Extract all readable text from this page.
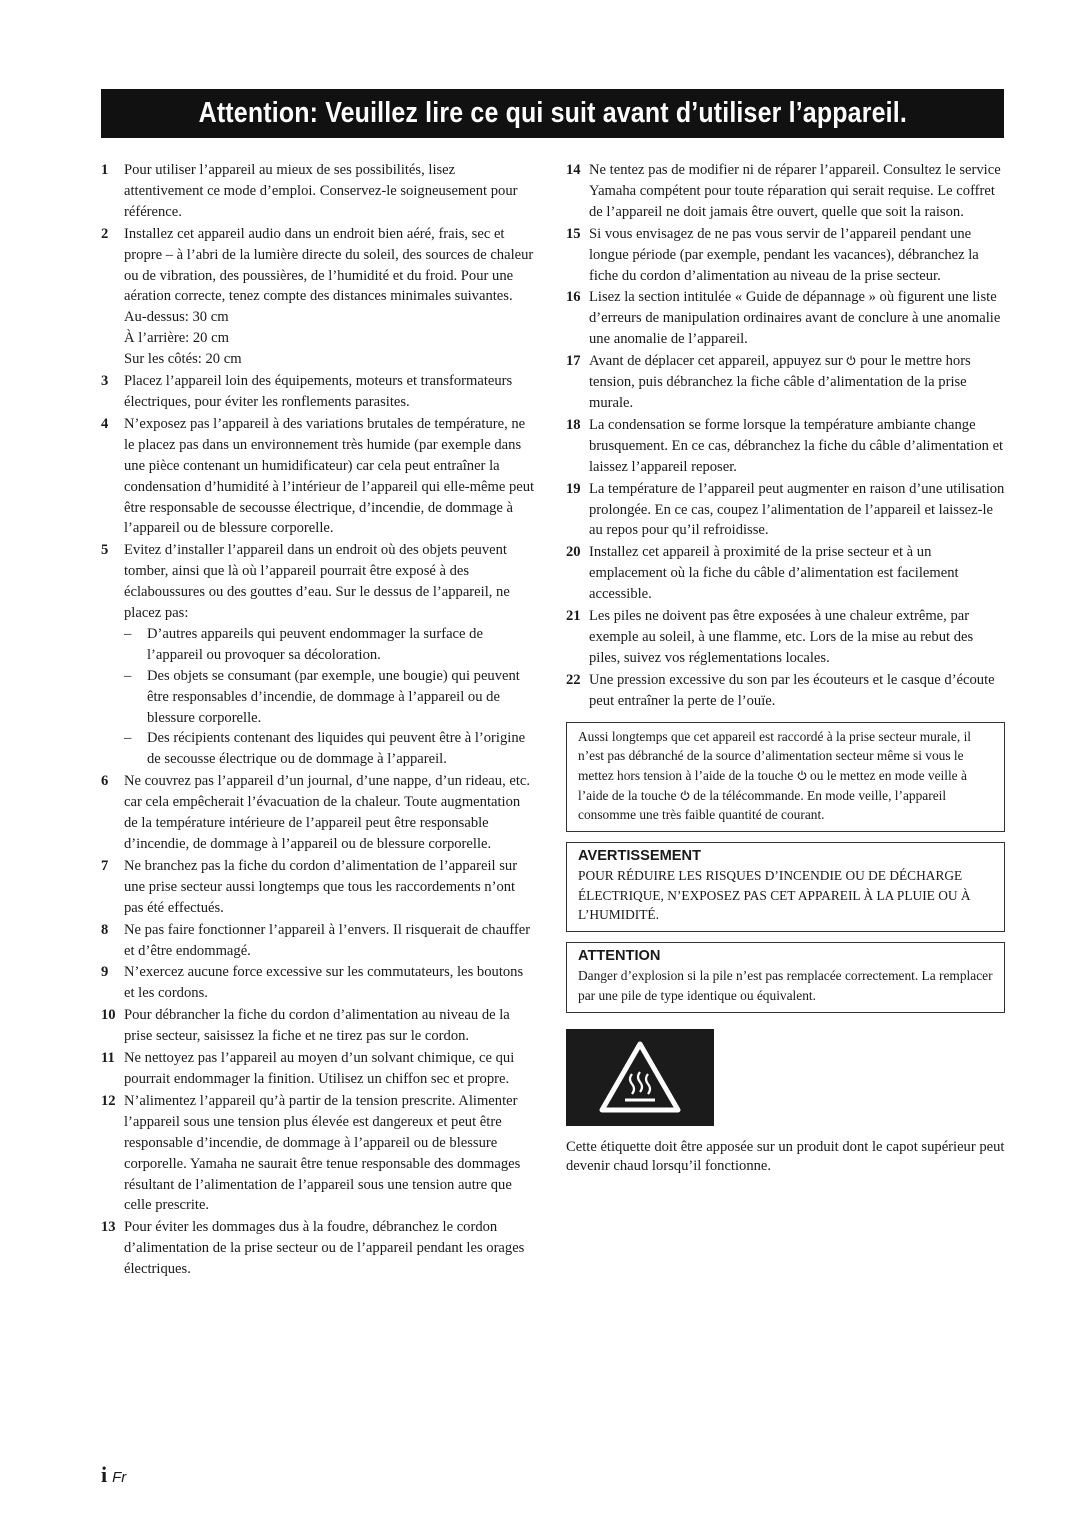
Attention: Veuillez lire ce qui suit avant d’utiliser l’appareil.
1 Pour utiliser l’appareil au mieux de ses possibilités, lisez attentivement ce mode d’emploi. Conservez-le soigneusement pour référence.
2 Installez cet appareil audio dans un endroit bien aéré, frais, sec et propre – à l’abri de la lumière directe du soleil, des sources de chaleur ou de vibration, des poussières, de l’humidité et du froid. Pour une aération correcte, tenez compte des distances minimales suivantes.
Au-dessus: 30 cm
À l’arrière: 20 cm
Sur les côtés: 20 cm
3 Placez l’appareil loin des équipements, moteurs et transformateurs électriques, pour éviter les ronflements parasites.
4 N’exposez pas l’appareil à des variations brutales de température, ne le placez pas dans un environnement très humide (par exemple dans une pièce contenant un humidificateur) car cela peut entraîner la condensation d’humidité à l’intérieur de l’appareil qui elle-même peut être responsable de secousse électrique, d’incendie, de dommage à l’appareil ou de blessure corporelle.
5 Evitez d’installer l’appareil dans un endroit où des objets peuvent tomber, ainsi que là où l’appareil pourrait être exposé à des éclaboussures ou des gouttes d’eau. Sur le dessus de l’appareil, ne placez pas:
– D’autres appareils qui peuvent endommager la surface de l’appareil ou provoquer sa décoloration.
– Des objets se consumant (par exemple, une bougie) qui peuvent être responsables d’incendie, de dommage à l’appareil ou de blessure corporelle.
– Des récipients contenant des liquides qui peuvent être à l’origine de secousse électrique ou de dommage à l’appareil.
6 Ne couvrez pas l’appareil d’un journal, d’une nappe, d’un rideau, etc. car cela empêcherait l’évacuation de la chaleur. Toute augmentation de la température intérieure de l’appareil peut être responsable d’incendie, de dommage à l’appareil ou de blessure corporelle.
7 Ne branchez pas la fiche du cordon d’alimentation de l’appareil sur une prise secteur aussi longtemps que tous les raccordements n’ont pas été effectués.
8 Ne pas faire fonctionner l’appareil à l’envers. Il risquerait de chauffer et d’être endommagé.
9 N’exercez aucune force excessive sur les commutateurs, les boutons et les cordons.
10 Pour débrancher la fiche du cordon d’alimentation au niveau de la prise secteur, saisissez la fiche et ne tirez pas sur le cordon.
11 Ne nettoyez pas l’appareil au moyen d’un solvant chimique, ce qui pourrait endommager la finition. Utilisez un chiffon sec et propre.
12 N’alimentez l’appareil qu’à partir de la tension prescrite. Alimenter l’appareil sous une tension plus élevée est dangereux et peut être responsable d’incendie, de dommage à l’appareil ou de blessure corporelle. Yamaha ne saurait être tenue responsable des dommages résultant de l’alimentation de l’appareil sous une tension autre que celle prescrite.
13 Pour éviter les dommages dus à la foudre, débranchez le cordon d’alimentation de la prise secteur ou de l’appareil pendant les orages électriques.
14 Ne tentez pas de modifier ni de réparer l’appareil. Consultez le service Yamaha compétent pour toute réparation qui serait requise. Le coffret de l’appareil ne doit jamais être ouvert, quelle que soit la raison.
15 Si vous envisagez de ne pas vous servir de l’appareil pendant une longue période (par exemple, pendant les vacances), débranchez la fiche du cordon d’alimentation au niveau de la prise secteur.
16 Lisez la section intitulée « Guide de dépannage » où figurent une liste d’erreurs de manipulation ordinaires avant de conclure à une anomalie une anomalie de l’appareil.
17 Avant de déplacer cet appareil, appuyez sur pour le mettre hors tension, puis débranchez la fiche câble d’alimentation de la prise murale.
18 La condensation se forme lorsque la température ambiante change brusquement. En ce cas, débranchez la fiche du câble d’alimentation et laissez l’appareil reposer.
19 La température de l’appareil peut augmenter en raison d’une utilisation prolongée. En ce cas, coupez l’alimentation de l’appareil et laissez-le au repos pour qu’il refroidisse.
20 Installez cet appareil à proximité de la prise secteur et à un emplacement où la fiche du câble d’alimentation est facilement accessible.
21 Les piles ne doivent pas être exposées à une chaleur extrême, par exemple au soleil, à une flamme, etc. Lors de la mise au rebut des piles, suivez vos réglementations locales.
22 Une pression excessive du son par les écouteurs et le casque d’écoute peut entraîner la perte de l’ouïe.
Aussi longtemps que cet appareil est raccordé à la prise secteur murale, il n’est pas débranché de la source d’alimentation secteur même si vous le mettez hors tension à l’aide de la touche ou le mettez en mode veille à l’aide de la touche de la télécommande. En mode veille, l’appareil consomme une très faible quantité de courant.
AVERTISSEMENT
POUR RÉDUIRE LES RISQUES D’INCENDIE OU DE DÉCHARGE ÉLECTRIQUE, N’EXPOSEZ PAS CET APPAREIL À LA PLUIE OU À L’HUMIDITÉ.
ATTENTION
Danger d’explosion si la pile n’est pas remplacée correctement. La remplacer par une pile de type identique ou équivalent.
Cette étiquette doit être apposée sur un produit dont le capot supérieur peut devenir chaud lorsqu’il fonctionne.
i Fr
